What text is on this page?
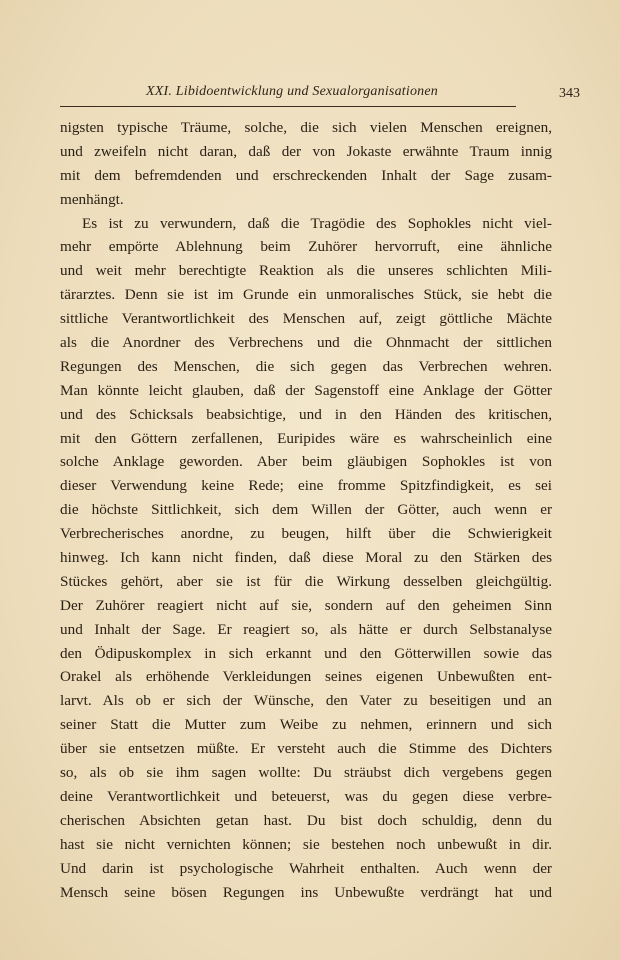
XXI. Libidoentwicklung und Sexualorganisationen	343
nigsten typische Träume, solche, die sich vielen Menschen ereignen,
und zweifeln nicht daran, daß der von Jokaste erwähnte Traum innig
mit dem befremdenden und erschreckenden Inhalt der Sage zusam-
menhängt.
Es ist zu verwundern, daß die Tragödie des Sophokles nicht viel-
mehr empörte Ablehnung beim Zuhörer hervorruft, eine ähnliche
und weit mehr berechtigte Reaktion als die unseres schlichten Mili-
tärarztes. Denn sie ist im Grunde ein unmoralisches Stück, sie hebt die
sittliche Verantwortlichkeit des Menschen auf, zeigt göttliche Mächte
als die Anordner des Verbrechens und die Ohnmacht der sittlichen
Regungen des Menschen, die sich gegen das Verbrechen wehren.
Man könnte leicht glauben, daß der Sagenstoff eine Anklage der Götter
und des Schicksals beabsichtige, und in den Händen des kritischen,
mit den Göttern zerfallenen, Euripides wäre es wahrscheinlich eine
solche Anklage geworden. Aber beim gläubigen Sophokles ist von
dieser Verwendung keine Rede; eine fromme Spitzfindigkeit, es sei
die höchste Sittlichkeit, sich dem Willen der Götter, auch wenn er
Verbrecherisches anordne, zu beugen, hilft über die Schwierigkeit
hinweg. Ich kann nicht finden, daß diese Moral zu den Stärken des
Stückes gehört, aber sie ist für die Wirkung desselben gleichgültig.
Der Zuhörer reagiert nicht auf sie, sondern auf den geheimen Sinn
und Inhalt der Sage. Er reagiert so, als hätte er durch Selbstanalyse
den Ödipuskomplex in sich erkannt und den Götterwillen sowie das
Orakel als erhöhende Verkleidungen seines eigenen Unbewußten ent-
larvt. Als ob er sich der Wünsche, den Vater zu beseitigen und an
seiner Statt die Mutter zum Weibe zu nehmen, erinnern und sich
über sie entsetzen müßte. Er versteht auch die Stimme des Dichters
so, als ob sie ihm sagen wollte: Du sträubst dich vergebens gegen
deine Verantwortlichkeit und beteuerst, was du gegen diese verbre-
cherischen Absichten getan hast. Du bist doch schuldig, denn du
hast sie nicht vernichten können; sie bestehen noch unbewußt in dir.
Und darin ist psychologische Wahrheit enthalten. Auch wenn der
Mensch seine bösen Regungen ins Unbewußte verdrängt hat und
